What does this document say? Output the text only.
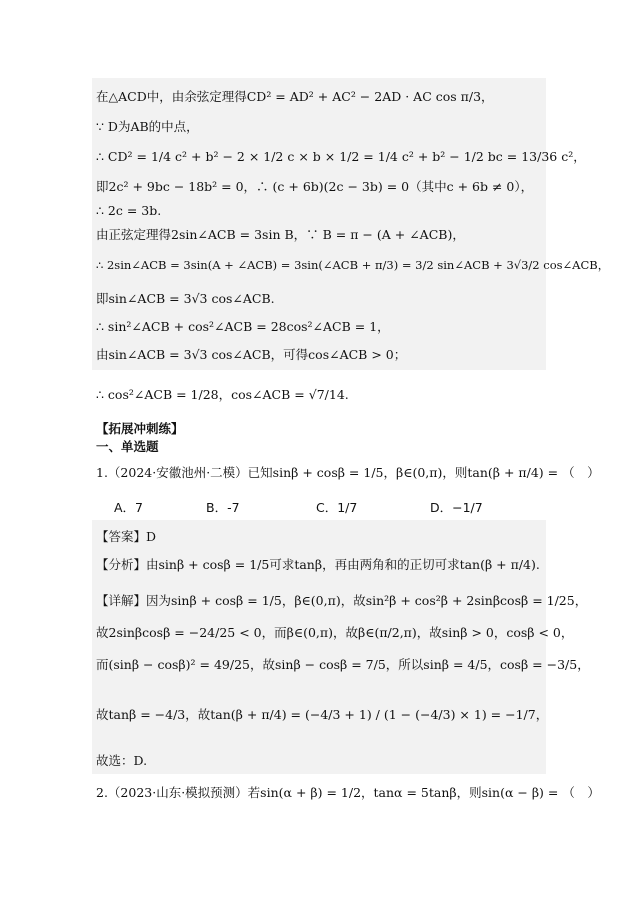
在△ACD中，由余弦定理得CD² = AD² + AC² − 2AD · AC cos π/3，
∵ D为AB的中点，
∴ CD² = 1/4 c² + b² − 2 × 1/2 c × b × 1/2 = 1/4 c² + b² − 1/2 bc = 13/36 c²，
即2c² + 9bc − 18b² = 0，∴ (c + 6b)(2c − 3b) = 0（其中c + 6b ≠ 0），
∴ 2c = 3b.
由正弦定理得2sin∠ACB = 3sin B，∵ B = π − (A + ∠ACB)，
∴ 2sin∠ACB = 3sin(A + ∠ACB) = 3sin(∠ACB + π/3) = 3/2 sin∠ACB + 3√3/2 cos∠ACB，
即sin∠ACB = 3√3 cos∠ACB.
∴ sin²∠ACB + cos²∠ACB = 28cos²∠ACB = 1，
由sin∠ACB = 3√3 cos∠ACB，可得cos∠ACB > 0；
∴ cos²∠ACB = 1/28，cos∠ACB = √7/14.
【拓展冲刺练】
一、单选题
1.（2024·安徽池州·二模）已知sinβ + cosβ = 1/5，β∈(0,π)，则tan(β + π/4) = （　）
A．7	B．-7	C．1/7	D．−1/7
【答案】D
【分析】由sinβ + cosβ = 1/5可求tanβ，再由两角和的正切可求tan(β + π/4).
【详解】因为sinβ + cosβ = 1/5，β∈(0,π)，故sin²β + cos²β + 2sinβcosβ = 1/25，
故2sinβcosβ = −24/25 < 0，而β∈(0,π)，故β∈(π/2,π)，故sinβ > 0，cosβ < 0，
而(sinβ − cosβ)² = 49/25，故sinβ − cosβ = 7/5，所以sinβ = 4/5，cosβ = −3/5，
故tanβ = −4/3，故tan(β + π/4) = (−4/3 + 1) / (1 − (−4/3) × 1) = −1/7，
故选：D.
2.（2023·山东·模拟预测）若sin(α + β) = 1/2，tanα = 5tanβ，则sin(α − β) = （　）
